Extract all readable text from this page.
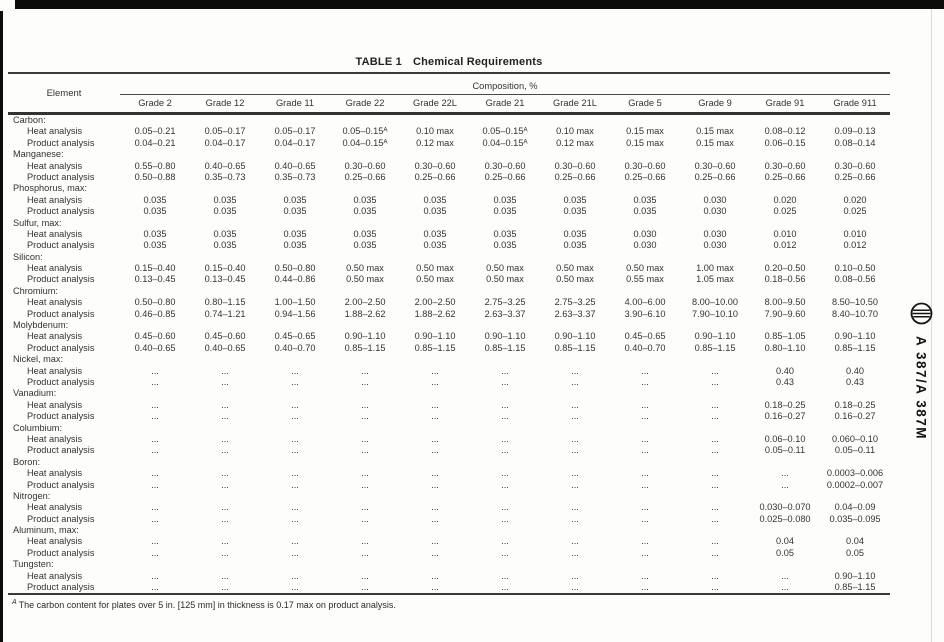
TABLE 1 Chemical Requirements
Element
Composition, %
Grade 2	Grade 12	Grade 11	Grade 22	Grade 22L	Grade 21	Grade 21L	Grade 5	Grade 9	Grade 91	Grade 911
Carbon:
Heat analysis	0.05–0.21	0.05–0.17	0.05–0.17	0.05–0.15ᴬ	0.10 max	0.05–0.15ᴬ	0.10 max	0.15 max	0.15 max	0.08–0.12	0.09–0.13
Product analysis	0.04–0.21	0.04–0.17	0.04–0.17	0.04–0.15ᴬ	0.12 max	0.04–0.15ᴬ	0.12 max	0.15 max	0.15 max	0.06–0.15	0.08–0.14
Manganese:
Heat analysis	0.55–0.80	0.40–0.65	0.40–0.65	0.30–0.60	0.30–0.60	0.30–0.60	0.30–0.60	0.30–0.60	0.30–0.60	0.30–0.60	0.30–0.60
Product analysis	0.50–0.88	0.35–0.73	0.35–0.73	0.25–0.66	0.25–0.66	0.25–0.66	0.25–0.66	0.25–0.66	0.25–0.66	0.25–0.66	0.25–0.66
Phosphorus, max:
Heat analysis	0.035	0.035	0.035	0.035	0.035	0.035	0.035	0.035	0.030	0.020	0.020
Product analysis	0.035	0.035	0.035	0.035	0.035	0.035	0.035	0.035	0.030	0.025	0.025
Sulfur, max:
Heat analysis	0.035	0.035	0.035	0.035	0.035	0.035	0.035	0.030	0.030	0.010	0.010
Product analysis	0.035	0.035	0.035	0.035	0.035	0.035	0.035	0.030	0.030	0.012	0.012
Silicon:
Heat analysis	0.15–0.40	0.15–0.40	0.50–0.80	0.50 max	0.50 max	0.50 max	0.50 max	0.50 max	1.00 max	0.20–0.50	0.10–0.50
Product analysis	0.13–0.45	0.13–0.45	0.44–0.86	0.50 max	0.50 max	0.50 max	0.50 max	0.55 max	1.05 max	0.18–0.56	0.08–0.56
Chromium:
Heat analysis	0.50–0.80	0.80–1.15	1.00–1.50	2.00–2.50	2.00–2.50	2.75–3.25	2.75–3.25	4.00–6.00	8.00–10.00	8.00–9.50	8.50–10.50
Product analysis	0.46–0.85	0.74–1.21	0.94–1.56	1.88–2.62	1.88–2.62	2.63–3.37	2.63–3.37	3.90–6.10	7.90–10.10	7.90–9.60	8.40–10.70
Molybdenum:
Heat analysis	0.45–0.60	0.45–0.60	0.45–0.65	0.90–1.10	0.90–1.10	0.90–1.10	0.90–1.10	0.45–0.65	0.90–1.10	0.85–1.05	0.90–1.10
Product analysis	0.40–0.65	0.40–0.65	0.40–0.70	0.85–1.15	0.85–1.15	0.85–1.15	0.85–1.15	0.40–0.70	0.85–1.15	0.80–1.10	0.85–1.15
Nickel, max:
Heat analysis	...	...	...	...	...	...	...	...	...	0.40	0.40
Product analysis	...	...	...	...	...	...	...	...	...	0.43	0.43
Vanadium:
Heat analysis	...	...	...	...	...	...	...	...	...	0.18–0.25	0.18–0.25
Product analysis	...	...	...	...	...	...	...	...	...	0.16–0.27	0.16–0.27
Columbium:
Heat analysis	...	...	...	...	...	...	...	...	...	0.06–0.10	0.060–0.10
Product analysis	...	...	...	...	...	...	...	...	...	0.05–0.11	0.05–0.11
Boron:
Heat analysis	...	...	...	...	...	...	...	...	...	...	0.0003–0.006
Product analysis	...	...	...	...	...	...	...	...	...	...	0.0002–0.007
Nitrogen:
Heat analysis	...	...	...	...	...	...	...	...	...	0.030–0.070	0.04–0.09
Product analysis	...	...	...	...	...	...	...	...	...	0.025–0.080	0.035–0.095
Aluminum, max:
Heat analysis	...	...	...	...	...	...	...	...	...	0.04	0.04
Product analysis	...	...	...	...	...	...	...	...	...	0.05	0.05
Tungsten:
Heat analysis	...	...	...	...	...	...	...	...	...	...	0.90–1.10
Product analysis	...	...	...	...	...	...	...	...	...	...	0.85–1.15
$^A$ The carbon content for plates over 5 in. [125 mm] in thickness is 0.17 max on product analysis.
A 387/A 387M
